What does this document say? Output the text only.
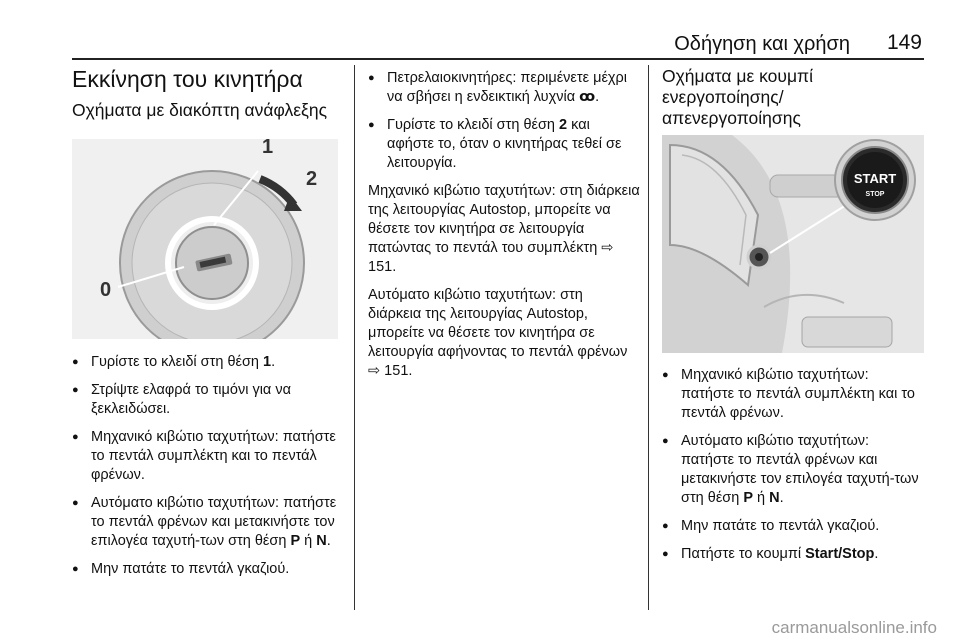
Οδήγηση και χρήση	149
Εκκίνηση του κινητήρα
Οχήματα με διακόπτη ανάφλεξης
0
1
2
● Γυρίστε το κλειδί στη θέση 1.
● Στρίψτε ελαφρά το τιμόνι για να ξεκλειδώσει.
● Μηχανικό κιβώτιο ταχυτήτων: πατήστε το πεντάλ συμπλέκτη και το πεντάλ φρένων.
● Αυτόματο κιβώτιο ταχυτήτων: πατήστε το πεντάλ φρένων και μετακινήστε τον επιλογέα ταχυτή-των στη θέση P ή N.
● Μην πατάτε το πεντάλ γκαζιού.
● Πετρελαιοκινητήρες: περιμένετε μέχρι να σβήσει η ενδεικτική λυχνία ꝏ.
● Γυρίστε το κλειδί στη θέση 2 και αφήστε το, όταν ο κινητήρας τεθεί σε λειτουργία.

Μηχανικό κιβώτιο ταχυτήτων: στη διάρκεια της λειτουργίας Autostop, μπορείτε να θέσετε τον κινητήρα σε λειτουργία πατώντας το πεντάλ του συμπλέκτη ⇨ 151.

Αυτόματο κιβώτιο ταχυτήτων: στη διάρκεια της λειτουργίας Autostop, μπορείτε να θέσετε τον κινητήρα σε λειτουργία αφήνοντας το πεντάλ φρένων ⇨ 151.

Οχήματα με κουμπί ενεργοποίησης/ απενεργοποίησης
START
STOP
● Μηχανικό κιβώτιο ταχυτήτων: πατήστε το πεντάλ συμπλέκτη και το πεντάλ φρένων.
● Αυτόματο κιβώτιο ταχυτήτων: πατήστε το πεντάλ φρένων και μετακινήστε τον επιλογέα ταχυτή-των στη θέση P ή N.
● Μην πατάτε το πεντάλ γκαζιού.
● Πατήστε το κουμπί Start/Stop.
carmanualsonline.info
